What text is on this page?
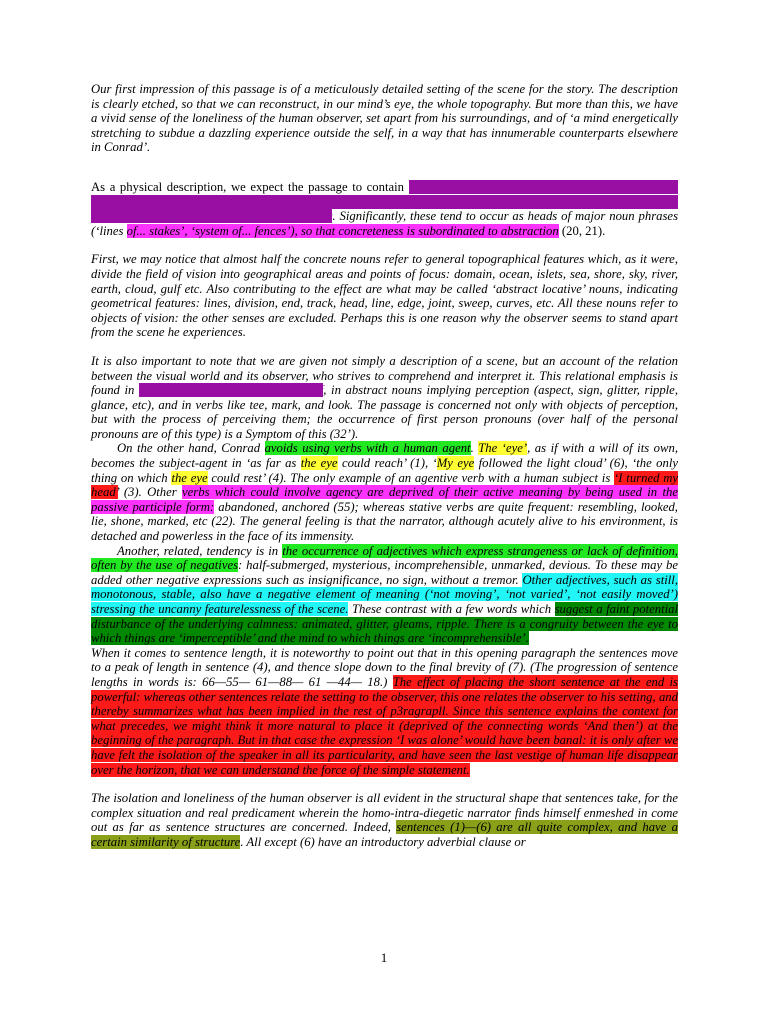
Our first impression of this passage is of a meticulously detailed setting of the scene for the story. The description is clearly etched, so that we can reconstruct, in our mind’s eye, the whole topography. But more than this, we have a vivid sense of the loneliness of the human observer, set apart from his surroundings, and of ‘a mind energetically stretching to subdue a dazzling experience outside the self, in a way that has innumerable counterparts elsewhere in Conrad’.

As a physical description, we expect the passage to contain a large number of physical, concrete nouns (stakes, bamboo, fences, fishermen, ruins, etc) but what is more striking is that these concrete nouns are matched by nouns which are more abstract in one way or another. Significantly, these tend to occur as heads of major noun phrases (‘lines of... stakes’, ‘system of... fences’), so that concreteness is subordinated to abstraction (20, 21).

First, we may notice that almost half the concrete nouns refer to general topographical features which, as it were, divide the field of vision into geographical areas and points of focus: domain, ocean, islets, sea, shore, sky, river, earth, cloud, gulf etc. Also contributing to the effect are what may be called ‘abstract locative’ nouns, indicating geometrical features: lines, division, end, track, head, line, edge, joint, sweep, curves, etc. All these nouns refer to objects of vision: the other senses are excluded. Perhaps this is one reason why the observer seems to stand apart from the scene he experiences.

It is also important to note that we are given not simply a description of a scene, but an account of the relation between the visual world and its observer, who strives to comprehend and interpret it. This relational emphasis is found in the repetition of the word eye itself, in abstract nouns implying perception (aspect, sign, glitter, ripple, glance, etc), and in verbs like tee, mark, and look. The passage is concerned not only with objects of perception, but with the process of perceiving them; the occurrence of first person pronouns (over half of the personal pronouns are of this type) is a Symptom of this (32’).

On the other hand, Conrad avoids using verbs with a human agent. The ‘eye’, as if with a will of its own, becomes the subject-agent in ‘as far as the eye could reach’ (1), ‘My eye followed the light cloud’ (6), ‘the only thing on which the eye could rest’ (4). The only example of an agentive verb with a human subject is ‘I turned my head’ (3). Other verbs which could involve agency are deprived of their active meaning by being used in the passive participle form: abandoned, anchored (55); whereas stative verbs are quite frequent: resembling, looked, lie, shone, marked, etc (22). The general feeling is that the narrator, although acutely alive to his environment, is detached and powerless in the face of its immensity.

Another, related, tendency is in the occurrence of adjectives which express strangeness or lack of definition, often by the use of negatives: half-submerged, mysterious, incomprehensible, unmarked, devious. To these may be added other negative expressions such as insignificance, no sign, without a tremor. Other adjectives, such as still, monotonous, stable, also have a negative element of meaning (‘not moving’, ‘not varied’, ‘not easily moved’) stressing the uncanny featurelessness of the scene. These contrast with a few words which suggest a faint potential disturbance of the underlying calmness: animated, glitter, gleams, ripple. There is a congruity between the eye to which things are ‘imperceptible’ and the mind to which things are ‘incomprehensible’.

When it comes to sentence length, it is noteworthy to point out that in this opening paragraph the sentences move to a peak of length in sentence (4), and thence slope down to the final brevity of (7). (The progression of sentence lengths in words is: 66—55— 61—88— 61 —44— 18.) The effect of placing the short sentence at the end is powerful: whereas other sentences relate the setting to the observer, this one relates the observer to his setting, and thereby summarizes what has been implied in the rest of p3ragrapll. Since this sentence explains the context for what precedes, we might think it more natural to place it (deprived of the connecting words ‘And then’) at the beginning of the paragraph. But in that case the expression ‘I was alone’ would have been banal: it is only after we have felt the isolation of the speaker in all its particularity, and have seen the last vestige of human life disappear over the horizon, that we can understand the force of the simple statement.

The isolation and loneliness of the human observer is all evident in the structural shape that sentences take, for the complex situation and real predicament wherein the homo-intra-diegetic narrator finds himself enmeshed in come out as far as sentence structures are concerned. Indeed, sentences (1)—(6) are all quite complex, and have a certain similarity of structure. All except (6) have an introductory adverbial clause or

1
